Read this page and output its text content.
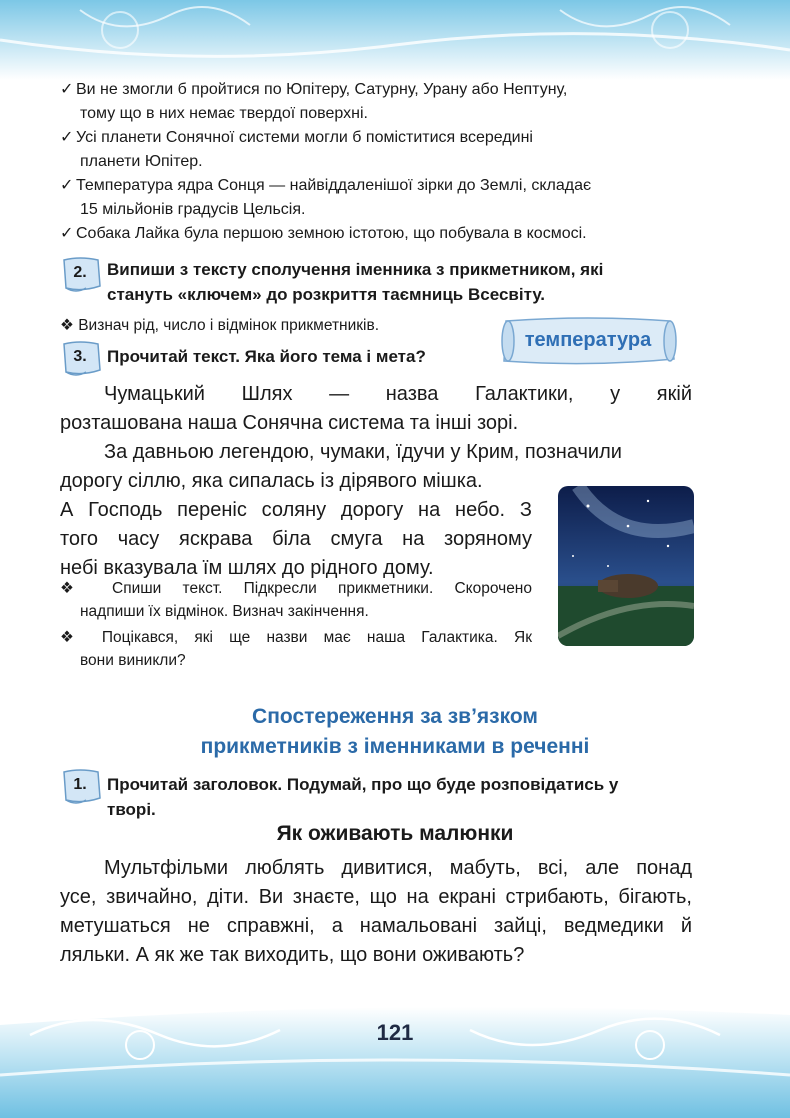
✓ Ви не змогли б пройтися по Юпітеру, Сатурну, Урану або Нептуну,
тому що в них немає твердої поверхні.
✓ Усі планети Сонячної системи могли б поміститися всередині
планети Юпітер.
✓ Температура ядра Сонця — найвіддаленішої зірки до Землі, складає
15 мільйонів градусів Цельсія.
✓ Собака Лайка була першою земною істотою, що побувала в космосі.
2.	Випиши з тексту сполучення іменника з прикметником, які
стануть «ключем» до розкриття таємниць Всесвіту.
❖ Визнач рід, число і відмінок прикметників.
температура
3.	Прочитай текст. Яка його тема і мета?
Чумацький Шлях — назва Галактики, у якій
розташована наша Сонячна система та інші зорі.
За давньою легендою, чумаки, їдучи у Крим, позначили
дорогу сіллю, яка сипалась із дірявого мішка.
А Господь переніс соляну дорогу на небо. З
того часу яскрава біла смуга на зоряному
небі вказувала їм шлях до рідного дому.
❖ Спиши текст. Підкресли прикметники. Скорочено
надпиши їх відмінок. Визнач закінчення.
❖ Поцікався, які ще назви має наша Галактика. Як
вони виникли?
Спостереження за зв’язком
прикметників з іменниками в реченні
1.	Прочитай заголовок. Подумай, про що буде розповідатись у
творі.
Як оживають малюнки
Мультфільми люблять дивитися, мабуть, всі, але понад
усе, звичайно, діти. Ви знаєте, що на екрані стрибають, бігають,
метушаться не справжні, а намальовані зайці, ведмедики й
ляльки. А як же так виходить, що вони оживають?
121
